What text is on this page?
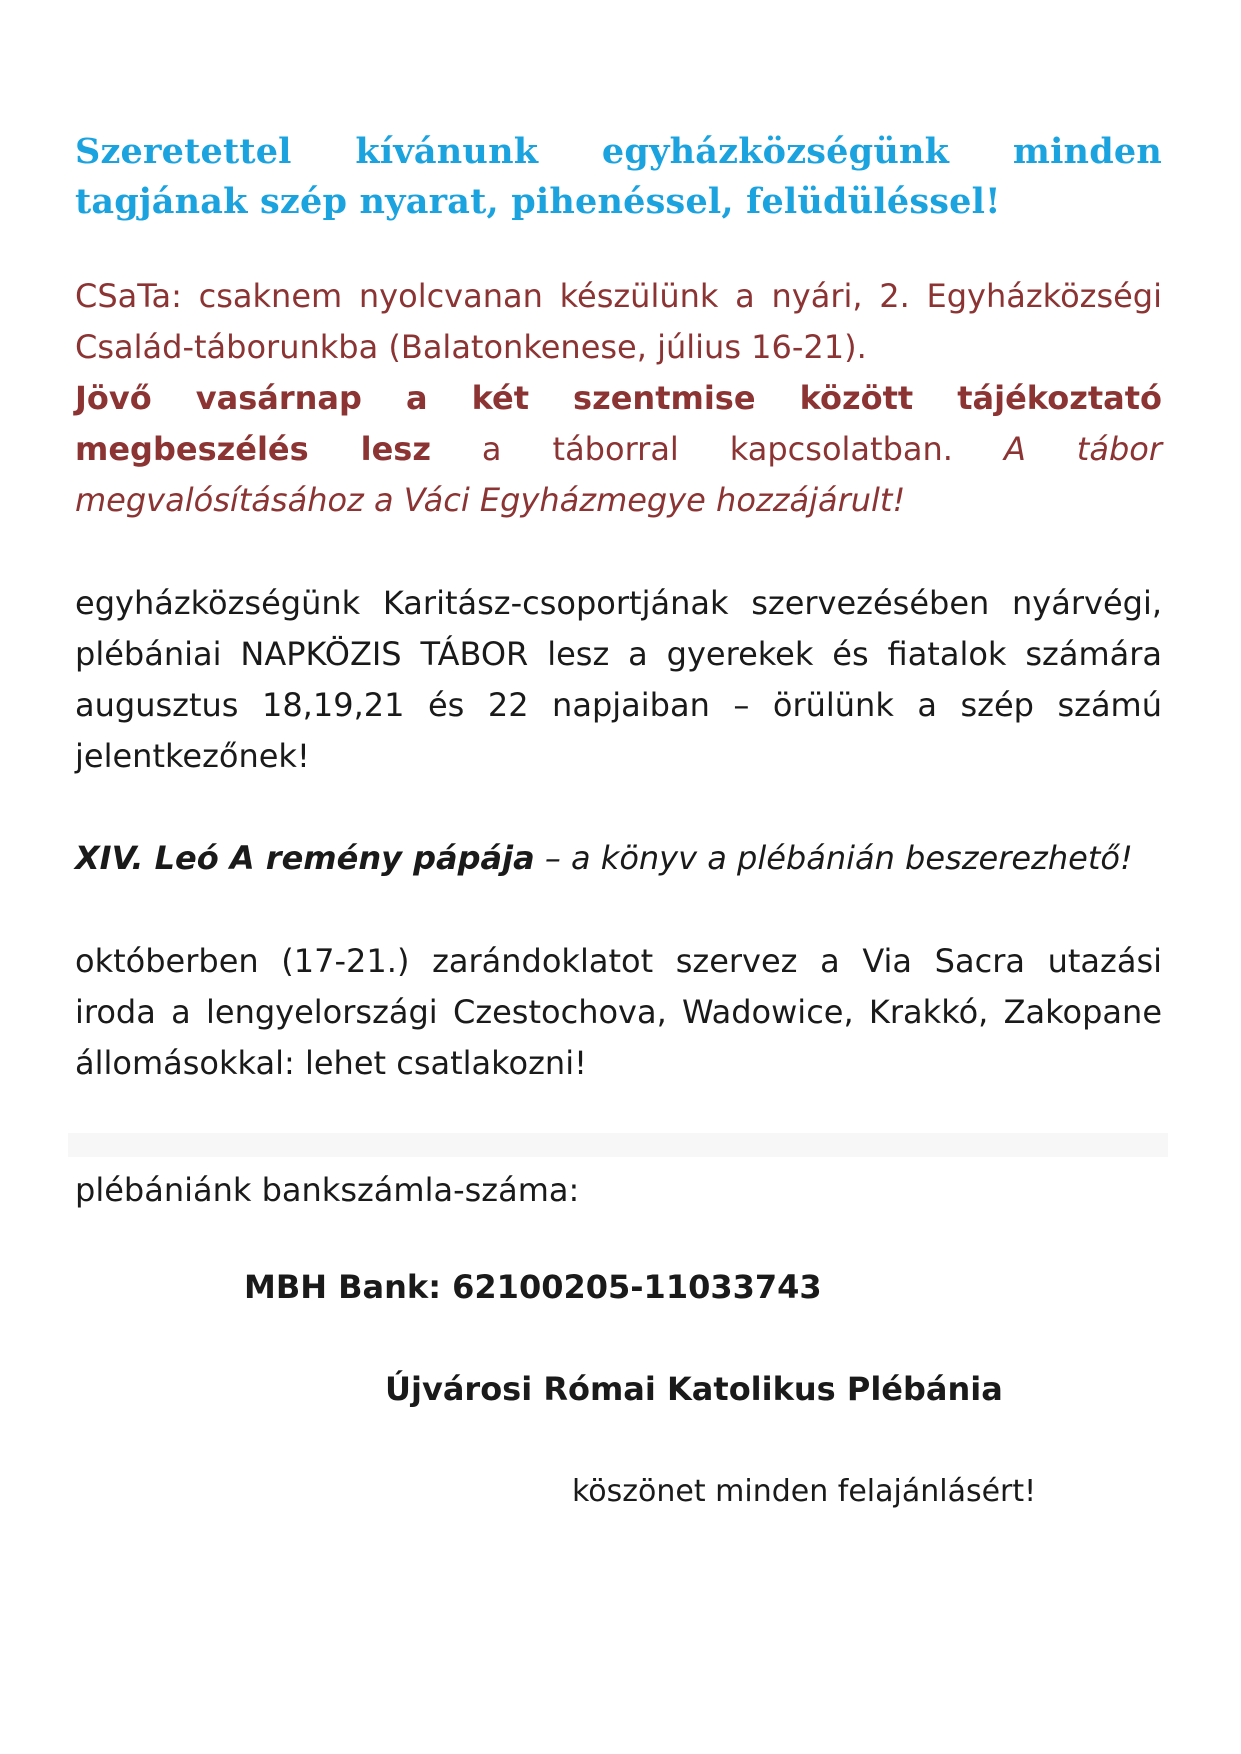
Szeretettel kívánunk egyházközségünk minden tagjának szép nyarat, pihenéssel, felüdüléssel!

CSaTa: csaknem nyolcvanan készülünk a nyári, 2. Egyházközségi Család-táborunkba (Balatonkenese, július 16-21).

Jövő vasárnap a két szentmise között tájékoztató megbeszélés lesz a táborral kapcsolatban. A tábor megvalósításához a Váci Egyházmegye hozzájárult!

egyházközségünk Karitász-csoportjának szervezésében nyárvégi, plébániai NAPKÖZIS TÁBOR lesz a gyerekek és fiatalok számára augusztus 18,19,21 és 22 napjaiban – örülünk a szép számú jelentkezőnek!

XIV. Leó A remény pápája – a könyv a plébánián beszerezhető!

októberben (17-21.) zarándoklatot szervez a Via Sacra utazási iroda a lengyelországi Czestochova, Wadowice, Krakkó, Zakopane állomásokkal: lehet csatlakozni!

plébániánk bankszámla-száma:

MBH Bank: 62100205-11033743
Újvárosi Római Katolikus Plébánia
köszönet minden felajánlásért!
